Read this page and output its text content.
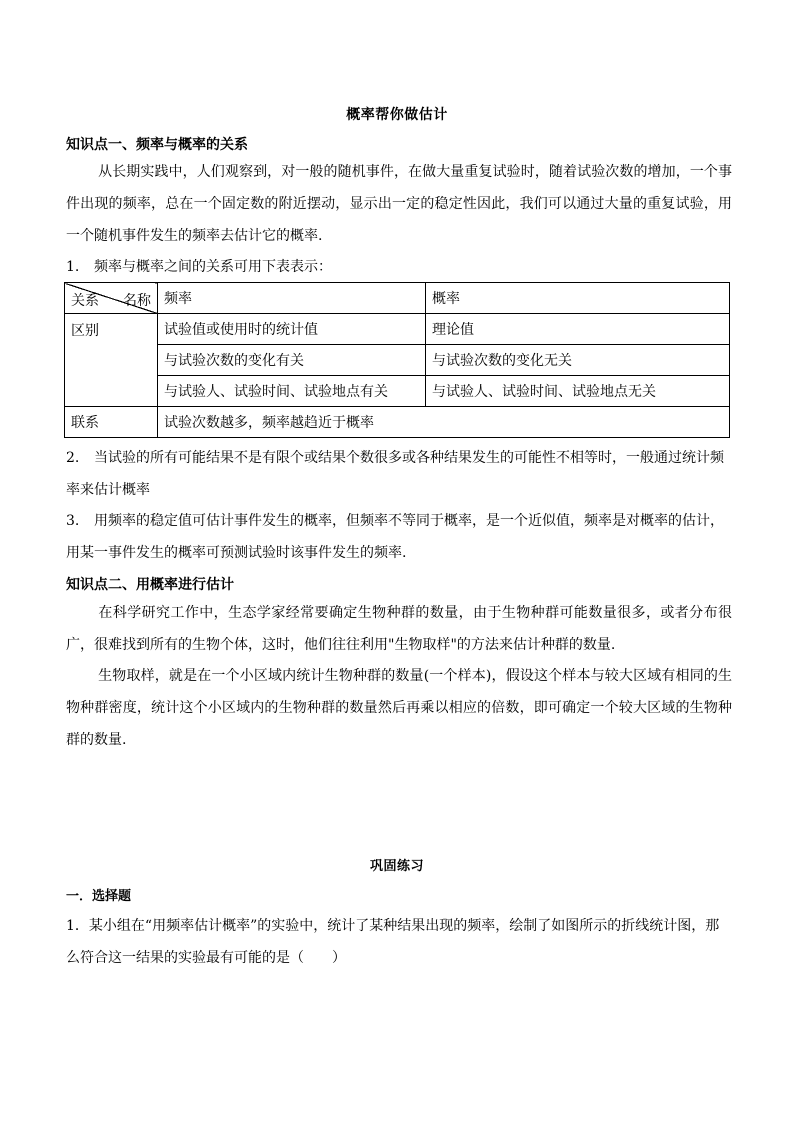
概率帮你做估计
知识点一、频率与概率的关系
从长期实践中，人们观察到，对一般的随机事件，在做大量重复试验时，随着试验次数的增加，一个事件出现的频率，总在一个固定数的附近摆动，显示出一定的稳定性因此，我们可以通过大量的重复试验，用一个随机事件发生的频率去估计它的概率.
1. 频率与概率之间的关系可用下表表示：
关系 名称	频率	概率
区别	试验值或使用时的统计值	理论值
	与试验次数的变化有关	与试验次数的变化无关
	与试验人、试验时间、试验地点有关	与试验人、试验时间、试验地点无关
联系	试验次数越多，频率越趋近于概率	
2. 当试验的所有可能结果不是有限个或结果个数很多或各种结果发生的可能性不相等时，一般通过统计频率来估计概率
3. 用频率的稳定值可估计事件发生的概率，但频率不等同于概率，是一个近似值，频率是对概率的估计，用某一事件发生的概率可预测试验时该事件发生的频率.
知识点二、用概率进行估计
在科学研究工作中，生态学家经常要确定生物种群的数量，由于生物种群可能数量很多，或者分布很广，很难找到所有的生物个体，这时，他们往往利用"生物取样"的方法来估计种群的数量.
生物取样，就是在一个小区域内统计生物种群的数量(一个样本)，假设这个样本与较大区域有相同的生物种群密度，统计这个小区域内的生物种群的数量然后再乘以相应的倍数，即可确定一个较大区域的生物种群的数量.
巩固练习
一．选择题
1．某小组在“用频率估计概率”的实验中，统计了某种结果出现的频率，绘制了如图所示的折线统计图，那么符合这一结果的实验最有可能的是（　　）
